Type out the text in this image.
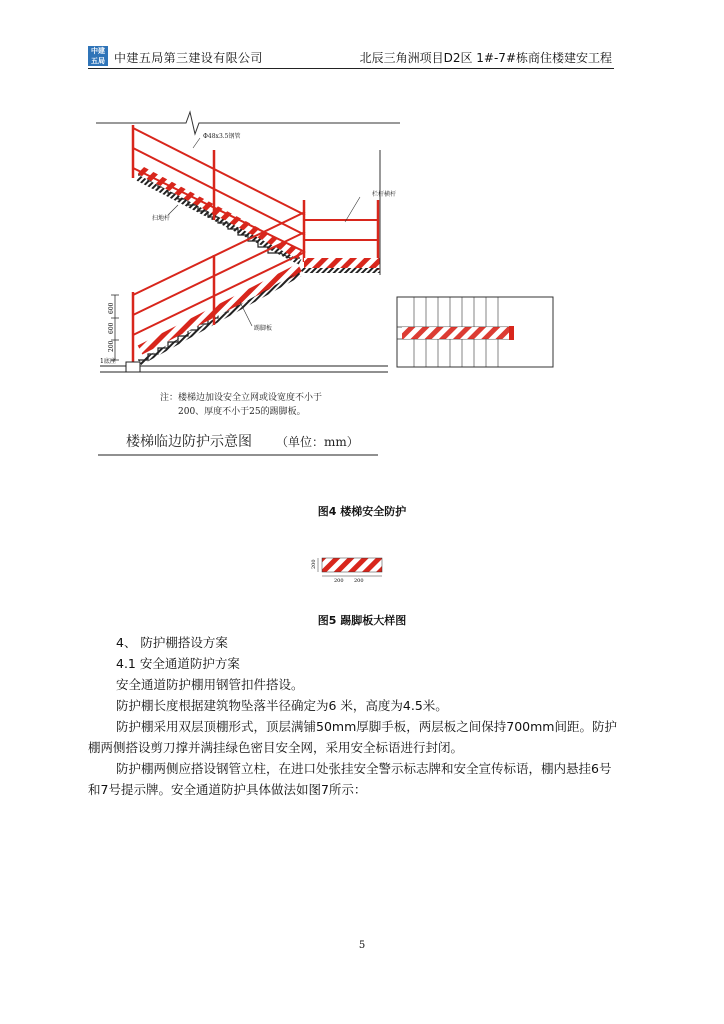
中建
五局 中建五局第三建设有限公司	北辰三角洲项目D2区 1#-7#栋商住楼建安工程
200
600
600
1底座
Φ48x3.5钢管
栏杆横杆
扫地杆
踢脚板
注：楼梯边加设安全立网或设宽度不小于
200、厚度不小于25的踢脚板。
楼梯临边防护示意图 （单位：mm）
图4 楼梯安全防护
200
200 200
图5 踢脚板大样图

4、 防护棚搭设方案

4.1 安全通道防护方案

安全通道防护棚用钢管扣件搭设。

防护棚长度根据建筑物坠落半径确定为6 米，高度为4.5米。

防护棚采用双层顶棚形式，顶层满铺50mm厚脚手板，两层板之间保持700mm间距。防护棚两侧搭设剪刀撑并满挂绿色密目安全网，采用安全标语进行封闭。

防护棚两侧应搭设钢管立柱，在进口处张挂安全警示标志牌和安全宣传标语，棚内悬挂6号和7号提示牌。安全通道防护具体做法如图7所示：

5
